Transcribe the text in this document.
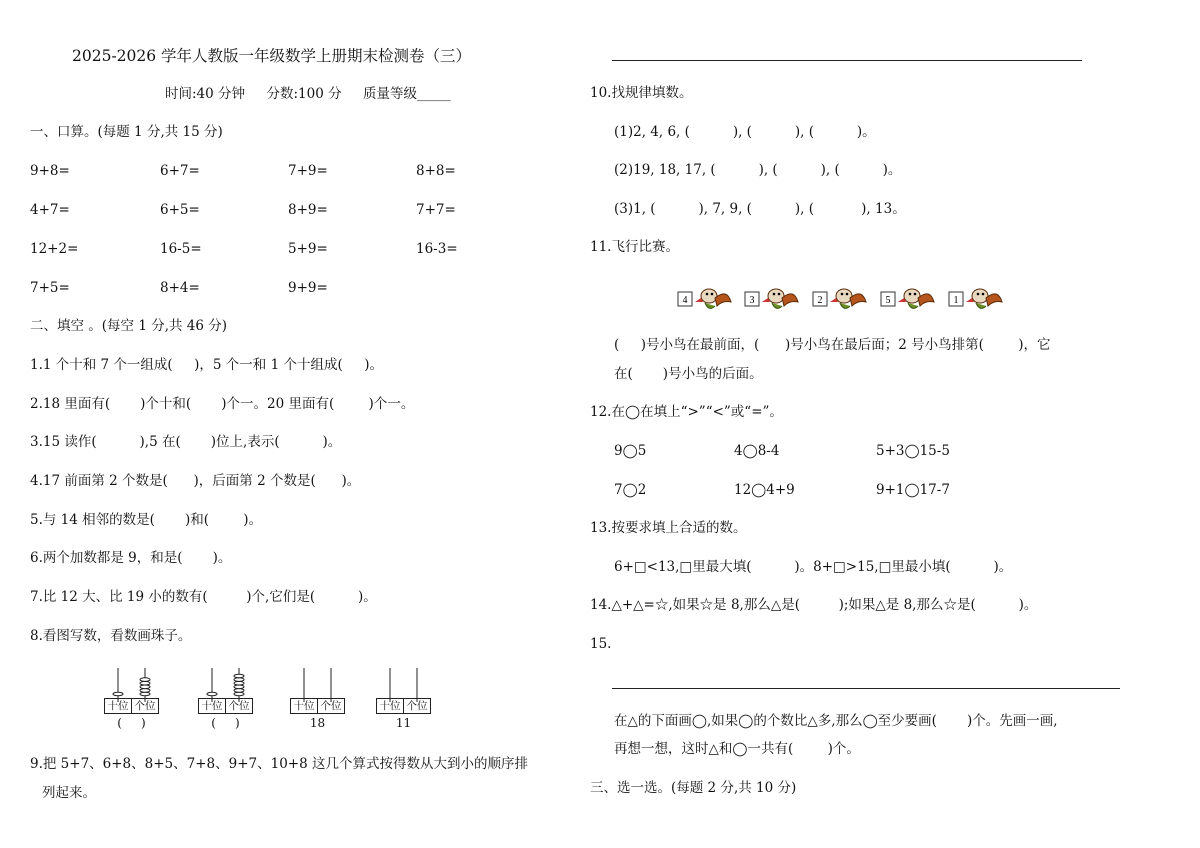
2025-2026 学年人教版一年级数学上册期末检测卷（三）
时间:40 分钟     分数:100 分     质量等级_____
一、口算。(每题 1 分,共 15 分)
9+8=	6+7=	7+9=	8+8=
4+7=	6+5=	8+9=	7+7=
12+2=	16-5=	5+9=	16-3=
7+5=	8+4=	9+9=
二、填空 。(每空 1 分,共 46 分)
1.1 个十和 7 个一组成(     )，5 个一和 1 个十组成(     )。
2.18 里面有(       )个十和(       )个一。20 里面有(        )个一。
3.15 读作(          ),5 在(       )位上,表示(          )。
4.17 前面第 2 个数是(      )，后面第 2 个数是(      )。
5.与 14 相邻的数是(       )和(        )。
6.两个加数都是 9，和是(       )。
7.比 12 大、比 19 小的数有(         )个,它们是(          )。
8.看图写数，看数画珠子。
十位 个位
(     )
十位 个位
(     )
十位 个位
18
十位 个位
11
9.把 5+7、6+8、8+5、7+8、9+7、10+8 这几个算式按得数从大到小的顺序排
列起来。
10.找规律填数。
(1)2, 4, 6, (          ), (          ), (          )。
(2)19, 18, 17, (          ), (          ), (          )。
(3)1, (          ), 7, 9, (          ), (           ), 13。
11.飞行比赛。
4	3	2	5	1
(     )号小鸟在最前面，(      )号小鸟在最后面；2 号小鸟排第(        )，它
在(       )号小鸟的后面。
12.在◯在填上“>”“<”或“=”。
9◯5	4◯8-4	5+3◯15-5
7◯2	12◯4+9	9+1◯17-7
13.按要求填上合适的数。
6+□<13,□里最大填(          )。8+□>15,□里最小填(          )。
14.△+△=☆,如果☆是 8,那么△是(         );如果△是 8,那么☆是(          )。
15.
在△的下面画◯,如果◯的个数比△多,那么◯至少要画(       )个。先画一画,
再想一想，这时△和◯一共有(        )个。
三、选一选。(每题 2 分,共 10 分)
